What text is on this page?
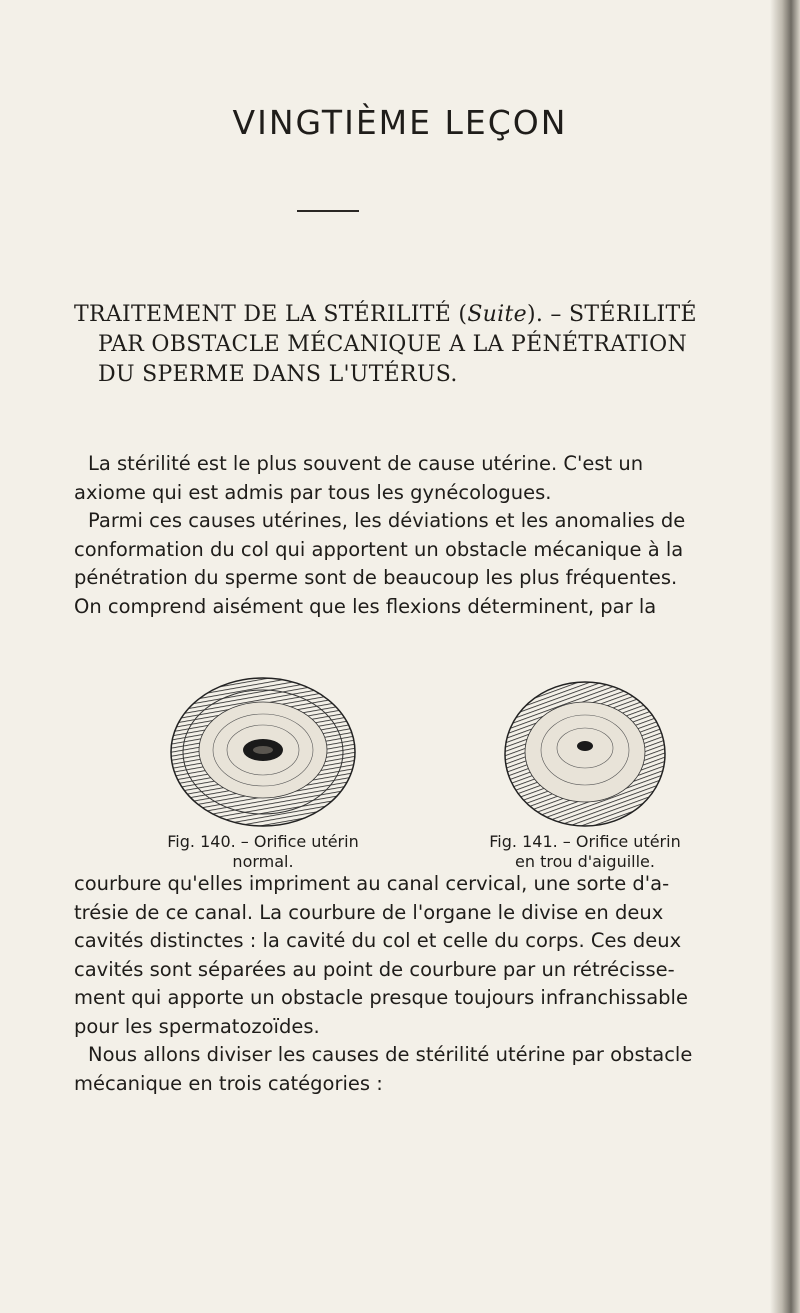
VINGTIÈME LEÇON
TRAITEMENT DE LA STÉRILITÉ (Suite). – STÉRILITÉ
PAR OBSTACLE MÉCANIQUE A LA PÉNÉTRATION
DU SPERME DANS L'UTÉRUS.
La stérilité est le plus souvent de cause utérine. C'est un
axiome qui est admis par tous les gynécologues.
Parmi ces causes utérines, les déviations et les anomalies de
conformation du col qui apportent un obstacle mécanique à la
pénétration du sperme sont de beaucoup les plus fréquentes.
On comprend aisément que les flexions déterminent, par la
Fig. 140. – Orifice utérin
normal.
Fig. 141. – Orifice utérin
en trou d'aiguille.
courbure qu'elles impriment au canal cervical, une sorte d'a-
trésie de ce canal. La courbure de l'organe le divise en deux
cavités distinctes : la cavité du col et celle du corps. Ces deux
cavités sont séparées au point de courbure par un rétrécisse-
ment qui apporte un obstacle presque toujours infranchissable
pour les spermatozoïdes.
Nous allons diviser les causes de stérilité utérine par obstacle
mécanique en trois catégories :
